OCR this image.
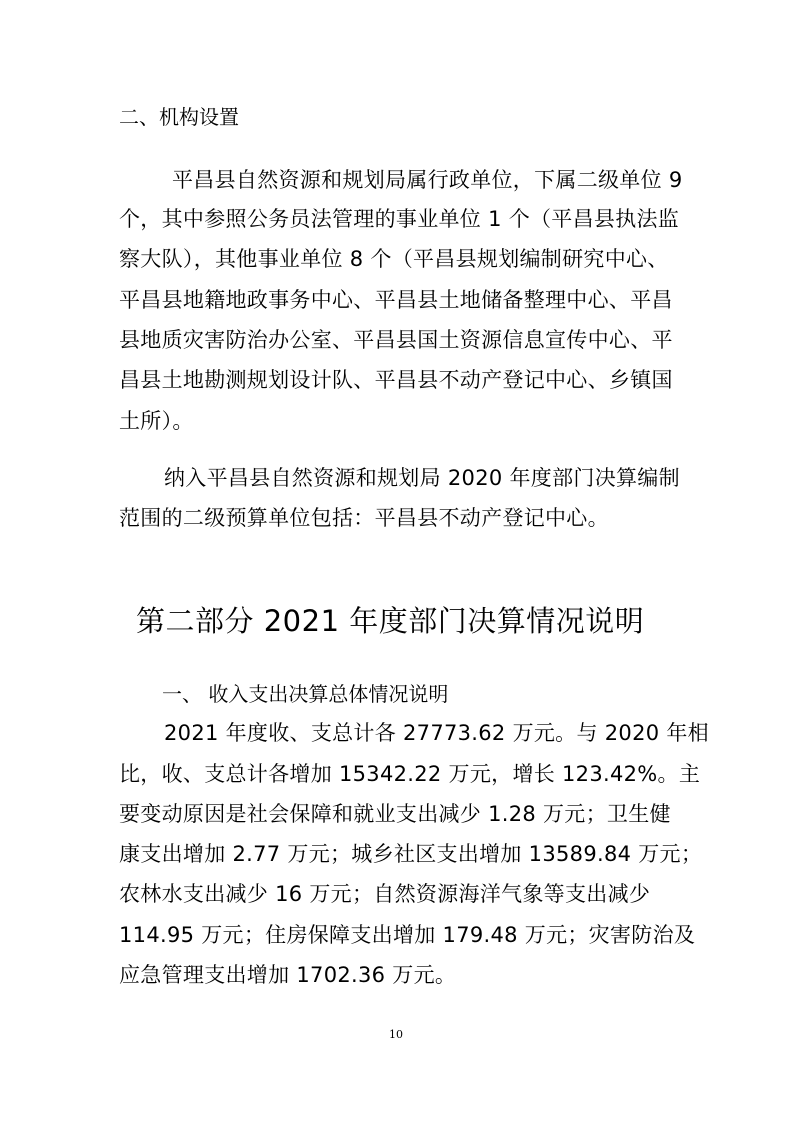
二、机构设置

平昌县自然资源和规划局属行政单位，下属二级单位 9

个，其中参照公务员法管理的事业单位 1 个（平昌县执法监

察大队），其他事业单位 8 个（平昌县规划编制研究中心、

平昌县地籍地政事务中心、平昌县土地储备整理中心、平昌

县地质灾害防治办公室、平昌县国土资源信息宣传中心、平

昌县土地勘测规划设计队、平昌县不动产登记中心、乡镇国

土所）。

纳入平昌县自然资源和规划局 2020 年度部门决算编制

范围的二级预算单位包括：平昌县不动产登记中心。

第二部分 2021 年度部门决算情况说明

一、 收入支出决算总体情况说明

2021 年度收、支总计各 27773.62 万元。与 2020 年相

比，收、支总计各增加 15342.22 万元，增长 123.42%。主

要变动原因是社会保障和就业支出减少 1.28 万元；卫生健

康支出增加 2.77 万元；城乡社区支出增加 13589.84 万元；

农林水支出减少 16 万元；自然资源海洋气象等支出减少

114.95 万元；住房保障支出增加 179.48 万元；灾害防治及

应急管理支出增加 1702.36 万元。

10
